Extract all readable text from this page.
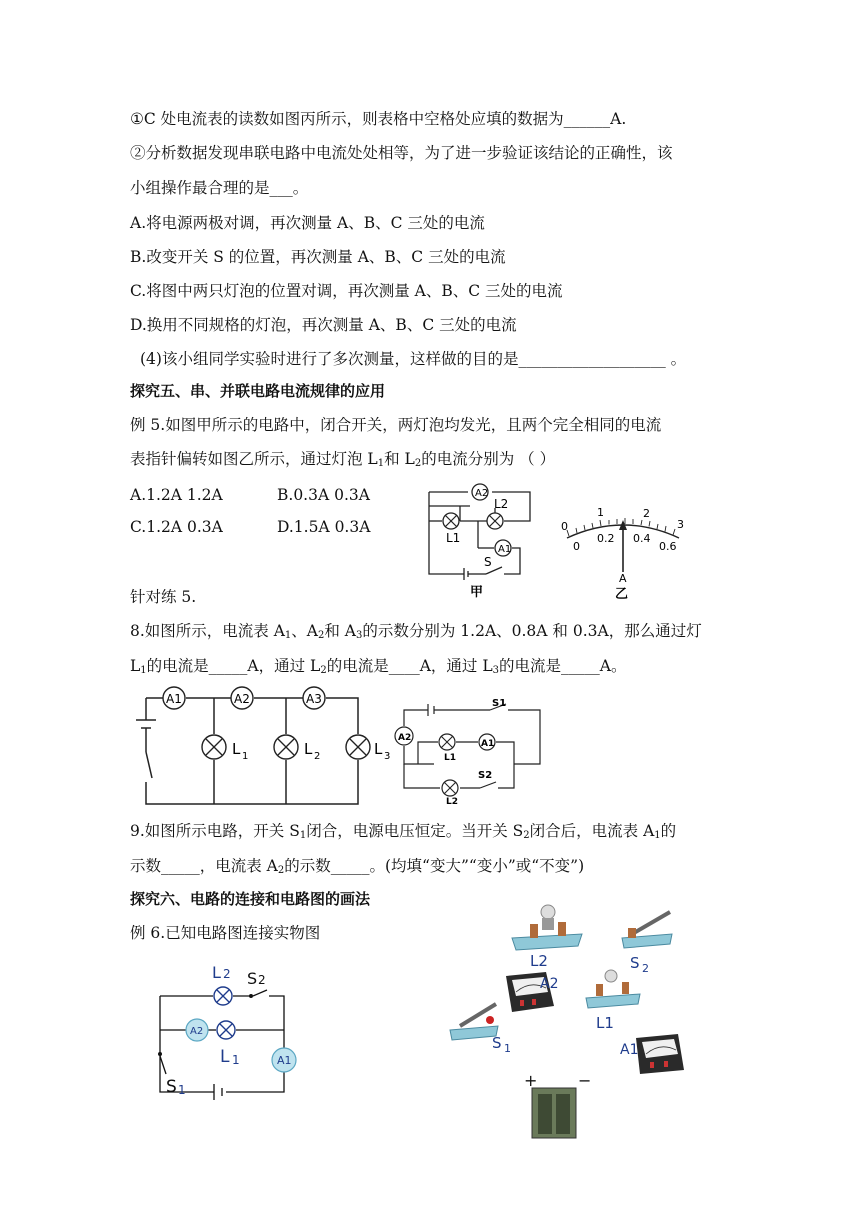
①C 处电流表的读数如图丙所示，则表格中空格处应填的数据为______A.
②分析数据发现串联电路中电流处处相等，为了进一步验证该结论的正确性，该
小组操作最合理的是___。
A.将电源两极对调，再次测量 A、B、C 三处的电流
B.改变开关 S 的位置，再次测量 A、B、C 三处的电流
C.将图中两只灯泡的位置对调，再次测量 A、B、C 三处的电流
D.换用不同规格的灯泡，再次测量 A、B、C 三处的电流
(4)该小组同学实验时进行了多次测量，这样做的目的是___________________ 。
探究五、串、并联电路电流规律的应用
例 5.如图甲所示的电路中，闭合开关，两灯泡均发光，且两个完全相同的电流
表指针偏转如图乙所示，通过灯泡 $L_1$和 $L_2$的电流分别为 （ ）
A.1.2A 1.2A	B.0.3A 0.3A
C.1.2A 0.3A	D.1.5A 0.3A
A2
A1
L2
L1
S
甲
0
1	2
3
0
0.2 0.4
0.6
A
乙
针对练 5.
8.如图所示，电流表 $A_1$、$A_2$和 $A_3$的示数分别为 1.2A、0.8A 和 0.3A，那么通过灯
$L_1$的电流是_____A，通过 $L_2$的电流是____A，通过 $L_3$的电流是_____A。
A1	A2	A3
L 1	L 2	L 3
A2
A1
S1
L1
S2
L2
9.如图所示电路，开关 $S_1$闭合，电源电压恒定。当开关 $S_2$闭合后，电流表 $A_1$的
示数_____，电流表 $A_2$的示数_____。(均填“变大”“变小”或“不变”)
探究六、电路的连接和电路图的画法
例 6.已知电路图连接实物图
L 2 S 2
A2
L 1	A1
S 1
L2	S 2
A2
L1
S 1	A1
+	−
